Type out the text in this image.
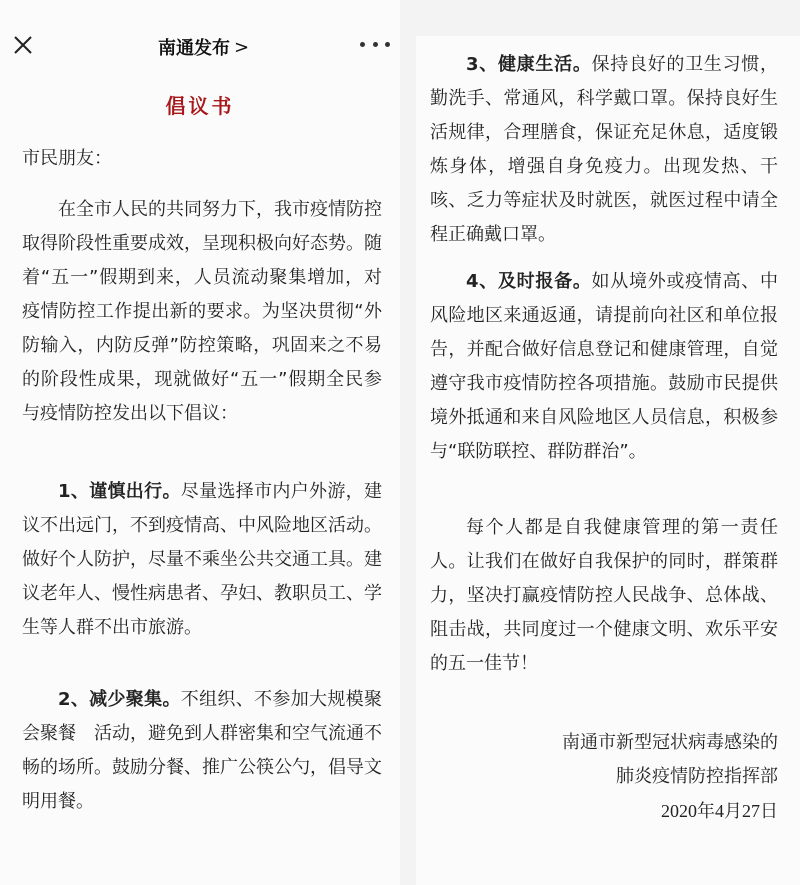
南通发布 >
倡议书

市民朋友：

在全市人民的共同努力下，我市疫情防控取得阶段性重要成效，呈现积极向好态势。随着“五一”假期到来，人员流动聚集增加，对疫情防控工作提出新的要求。为坚决贯彻“外防输入，内防反弹”防控策略，巩固来之不易的阶段性成果，现就做好“五一”假期全民参与疫情防控发出以下倡议：

1、谨慎出行。尽量选择市内户外游，建议不出远门，不到疫情高、中风险地区活动。做好个人防护，尽量不乘坐公共交通工具。建议老年人、慢性病患者、孕妇、教职员工、学生等人群不出市旅游。

2、减少聚集。不组织、不参加大规模聚会聚餐　活动，避免到人群密集和空气流通不畅的场所。鼓励分餐、推广公筷公勺，倡导文明用餐。

3、健康生活。保持良好的卫生习惯，勤洗手、常通风，科学戴口罩。保持良好生活规律，合理膳食，保证充足休息，适度锻炼身体，增强自身免疫力。出现发热、干咳、乏力等症状及时就医，就医过程中请全程正确戴口罩。

4、及时报备。如从境外或疫情高、中风险地区来通返通，请提前向社区和单位报告，并配合做好信息登记和健康管理，自觉遵守我市疫情防控各项措施。鼓励市民提供境外抵通和来自风险地区人员信息，积极参与“联防联控、群防群治”。

每个人都是自我健康管理的第一责任人。让我们在做好自我保护的同时，群策群力，坚决打赢疫情防控人民战争、总体战、阻击战，共同度过一个健康文明、欢乐平安的五一佳节！

南通市新型冠状病毒感染的
肺炎疫情防控指挥部
2020年4月27日
